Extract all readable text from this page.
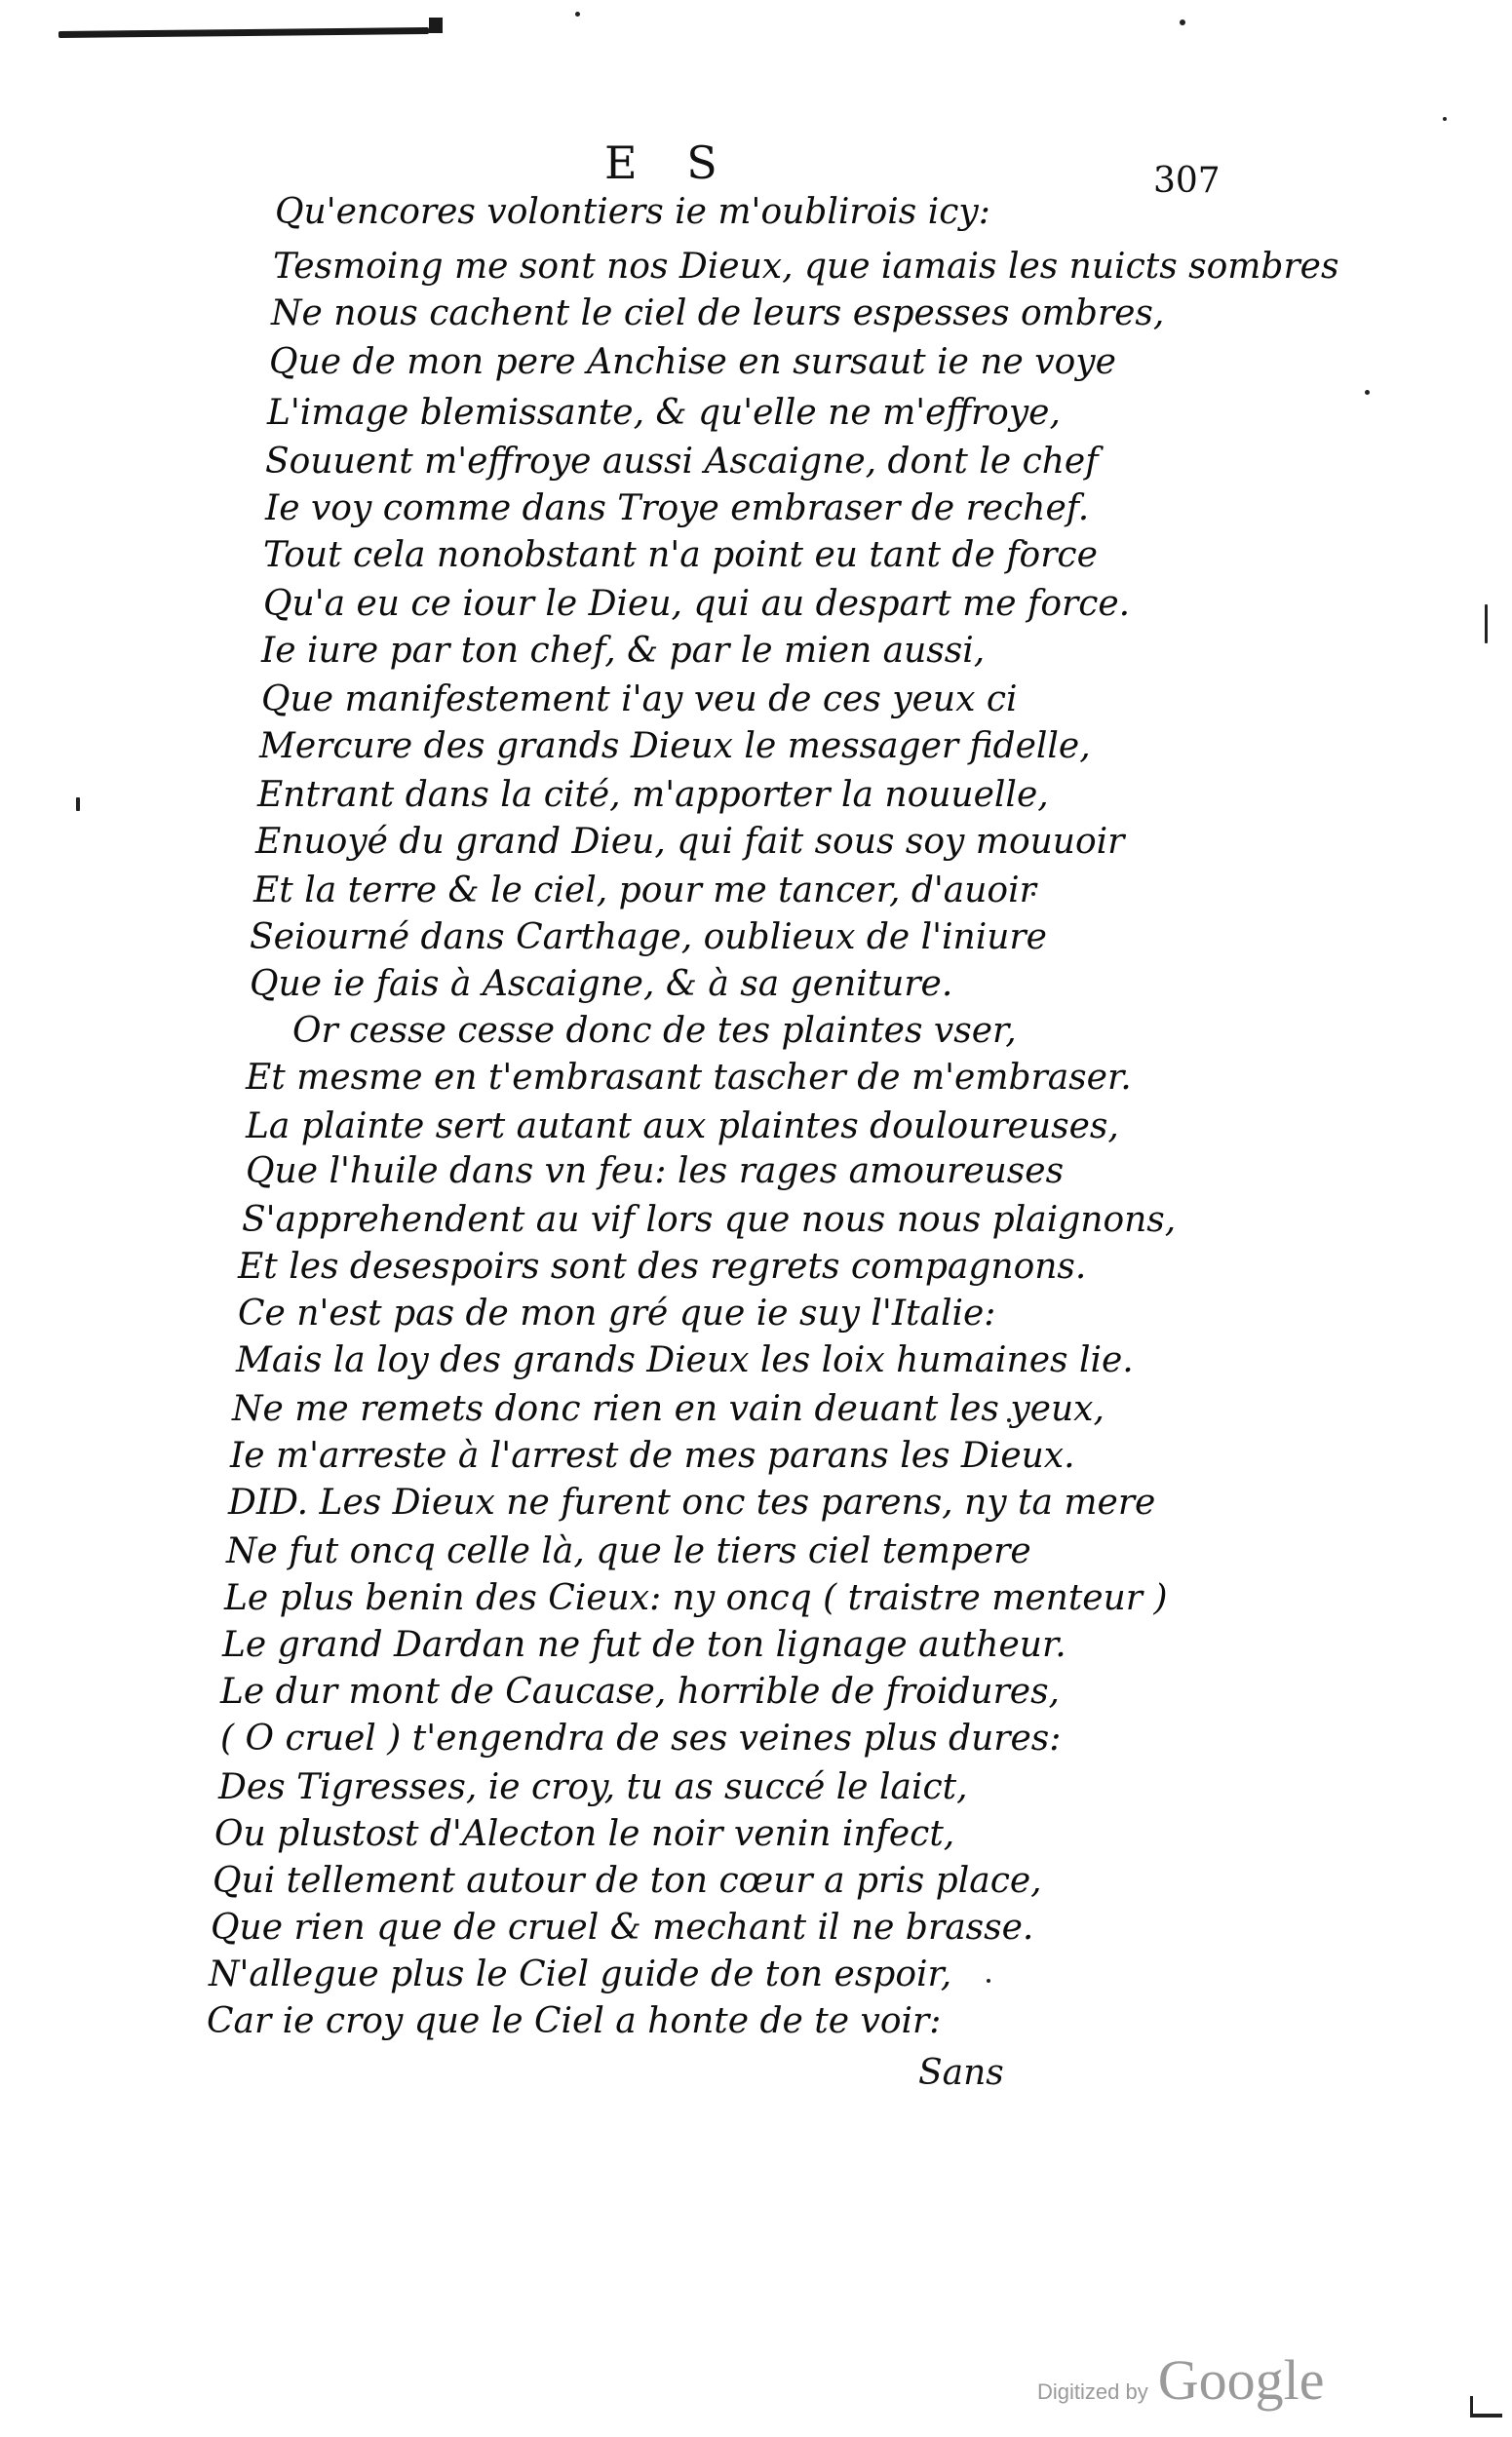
E S	307
Qu'encores volontiers ie m'oublirois icy:
Tesmoing me sont nos Dieux, que iamais les nuicts sombres
Ne nous cachent le ciel de leurs espesses ombres,
Que de mon pere Anchise en sursaut ie ne voye
L'image blemissante, & qu'elle ne m'effroye,
Souuent m'effroye aussi Ascaigne, dont le chef
Ie voy comme dans Troye embraser de rechef.
Tout cela nonobstant n'a point eu tant de force
Qu'a eu ce iour le Dieu, qui au despart me force.
Ie iure par ton chef, & par le mien aussi,
Que manifestement i'ay veu de ces yeux ci
Mercure des grands Dieux le messager fidelle,
Entrant dans la cité, m'apporter la nouuelle,
Enuoyé du grand Dieu, qui fait sous soy mouuoir
Et la terre & le ciel, pour me tancer, d'auoir
Seiourné dans Carthage, oublieux de l'iniure
Que ie fais à Ascaigne, & à sa geniture.
Or cesse cesse donc de tes plaintes vser,
Et mesme en t'embrasant tascher de m'embraser.
La plainte sert autant aux plaintes douloureuses,
Que l'huile dans vn feu: les rages amoureuses
S'apprehendent au vif lors que nous nous plaignons,
Et les desespoirs sont des regrets compagnons.
Ce n'est pas de mon gré que ie suy l'Italie:
Mais la loy des grands Dieux les loix humaines lie.
Ne me remets donc rien en vain deuant les yeux,
Ie m'arreste à l'arrest de mes parans les Dieux.
DID. Les Dieux ne furent onc tes parens, ny ta mere
Ne fut oncq celle là, que le tiers ciel tempere
Le plus benin des Cieux: ny oncq ( traistre menteur )
Le grand Dardan ne fut de ton lignage autheur.
Le dur mont de Caucase, horrible de froidures,
( O cruel ) t'engendra de ses veines plus dures:
Des Tigresses, ie croy, tu as succé le laict,
Ou plustost d'Alecton le noir venin infect,
Qui tellement autour de ton cœur a pris place,
Que rien que de cruel & mechant il ne brasse.
N'allegue plus le Ciel guide de ton espoir,
Car ie croy que le Ciel a honte de te voir:
Sans
Digitized by Google
